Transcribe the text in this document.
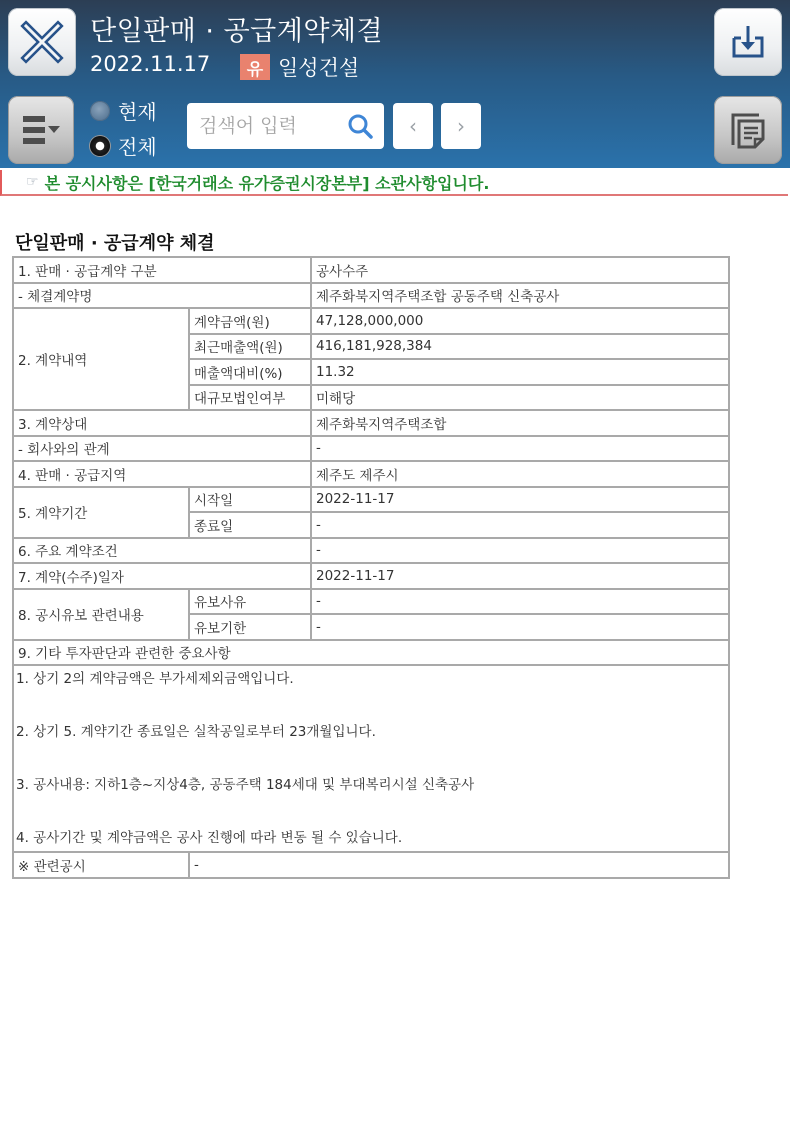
단일판매 · 공급계약체결
2022.11.17	유 일성건설
현재
전체
검색어 입력
‹ ›
☞ 본 공시사항은 [한국거래소 유가증권시장본부] 소관사항입니다.
단일판매 · 공급계약 체결
1. 판매 · 공급계약 구분		공사수주
- 체결계약명		제주화북지역주택조합 공동주택 신축공사
2. 계약내역	계약금액(원)	47,128,000,000
	최근매출액(원)	416,181,928,384
	매출액대비(%)	11.32
	대규모법인여부	미해당
3. 계약상대		제주화북지역주택조합
- 회사와의 관계		-
4. 판매 · 공급지역		제주도 제주시
5. 계약기간	시작일	2022-11-17
	종료일	-
6. 주요 계약조건		-
7. 계약(수주)일자		2022-11-17
8. 공시유보 관련내용	유보사유	-
	유보기한	-
9. 기타 투자판단과 관련한 중요사항		

1. 상기 2의 계약금액은 부가세제외금액입니다.

2. 상기 5. 계약기간 종료일은 실착공일로부터 23개월입니다.

3. 공사내용: 지하1층~지상4층, 공동주택 184세대 및 부대복리시설 신축공사

4. 공사기간 및 계약금액은 공사 진행에 따라 변동 될 수 있습니다.		

※ 관련공시	-	
